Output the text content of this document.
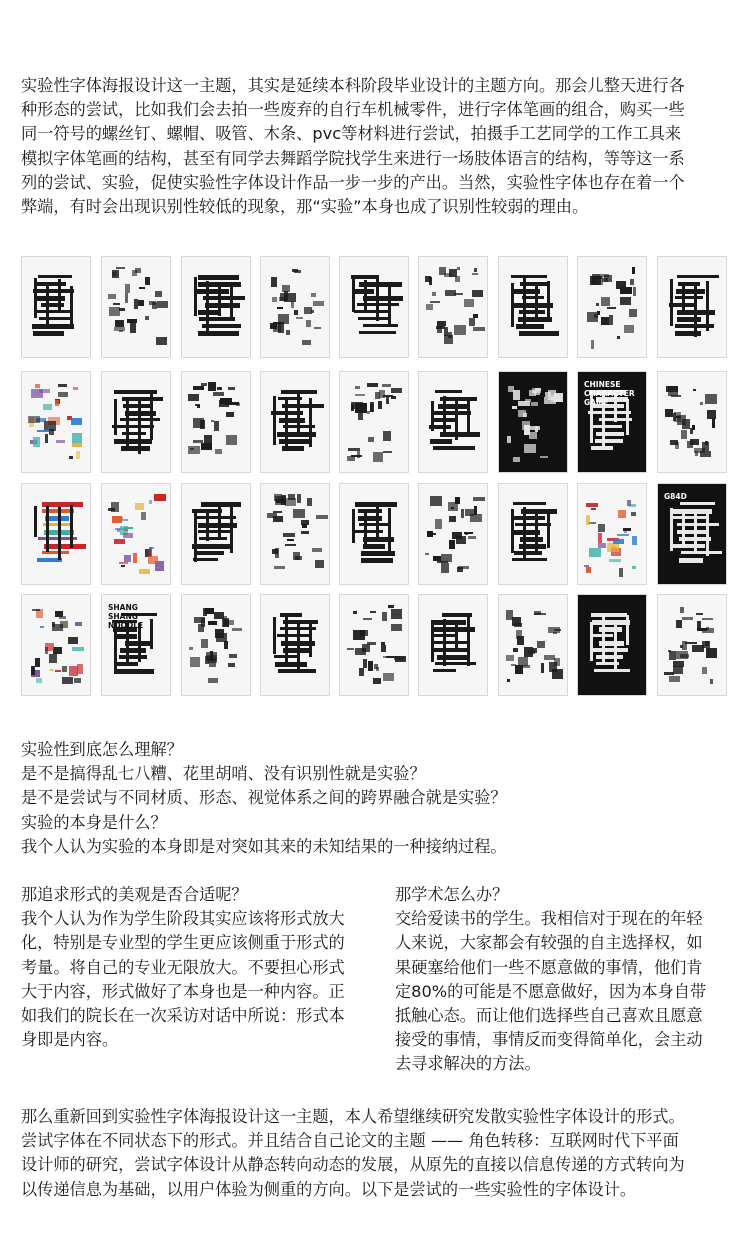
实验性字体海报设计这一主题，其实是延续本科阶段毕业设计的主题方向。那会儿整天进行各
种形态的尝试，比如我们会去拍一些废弃的自行车机械零件，进行字体笔画的组合，购买一些
同一符号的螺丝钉、螺帽、吸管、木条、pvc等材料进行尝试，拍摄手工艺同学的工作工具来
模拟字体笔画的结构，甚至有同学去舞蹈学院找学生来进行一场肢体语言的结构，等等这一系
列的尝试、实验，促使实验性字体设计作品一步一步的产出。当然，实验性字体也存在着一个
弊端，有时会出现识别性较低的现象，那“实验”本身也成了识别性较弱的理由。
CHINESE
CHARACTER
GAME
G84D
SHANG SHANG
NOODLE
实验性到底怎么理解？
是不是搞得乱七八糟、花里胡哨、没有识别性就是实验？
是不是尝试与不同材质、形态、视觉体系之间的跨界融合就是实验？
实验的本身是什么？
我个人认为实验的本身即是对突如其来的未知结果的一种接纳过程。
那追求形式的美观是否合适呢？
我个人认为作为学生阶段其实应该将形式放大
化，特别是专业型的学生更应该侧重于形式的
考量。将自己的专业无限放大。不要担心形式
大于内容，形式做好了本身也是一种内容。正
如我们的院长在一次采访对话中所说：形式本
身即是内容。
那学术怎么办？
交给爱读书的学生。我相信对于现在的年轻
人来说，大家都会有较强的自主选择权，如
果硬塞给他们一些不愿意做的事情，他们肯
定80%的可能是不愿意做好，因为本身自带
抵触心态。而让他们选择些自己喜欢且愿意
接受的事情，事情反而变得简单化，会主动
去寻求解决的方法。
那么重新回到实验性字体海报设计这一主题，本人希望继续研究发散实验性字体设计的形式。
尝试字体在不同状态下的形式。并且结合自己论文的主题 —— 角色转移：互联网时代下平面
设计师的研究，尝试字体设计从静态转向动态的发展，从原先的直接以信息传递的方式转向为
以传递信息为基础，以用户体验为侧重的方向。以下是尝试的一些实验性的字体设计。
